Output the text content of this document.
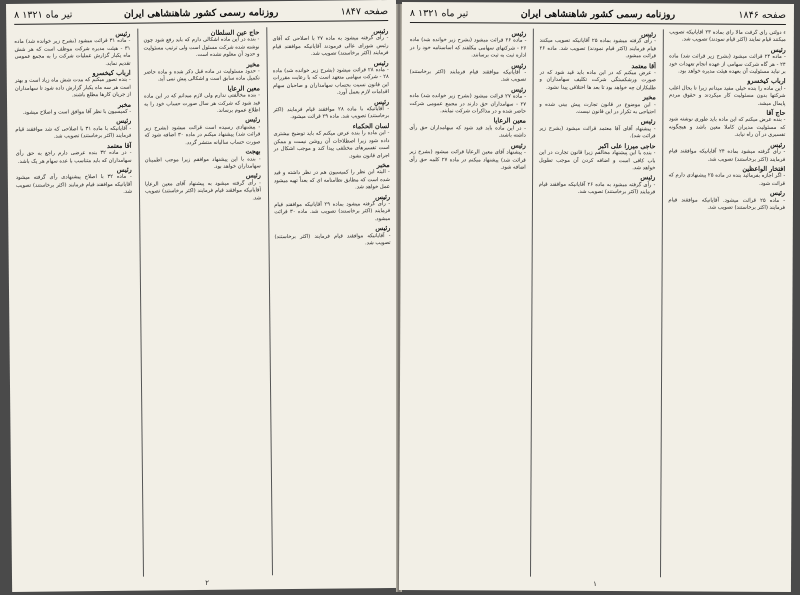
صفحه ۱۸۴۷
روزنامه رسمی کشور شاهنشاهی ایران
۸ تیر ماه ۱۳۲۱
رئیس
- رأی گرفته میشود به ماده ۲۷ با اصلاحی که آقای رئیس شورای عالی فرمودند آقایانیکه موافقند قیام فرمایند (اکثر برخاستند) تصویب شد.
رئیس
- ماده ۲۸ قرائت میشود (بشرح زیر خوانده شد) ماده ۲۸ - شرکت سهامی متعهد است که با رعایت مقررات این قانون نسبت بحساب سهامداران و صاحبان سهام اقدامات لازم بعمل آورد.
رئیس
- آقایانیکه با ماده ۲۸ موافقند قیام فرمایند (اکثر برخاستند) تصویب شد. ماده ۲۹ قرائت میشود.
لسان الحکماء
- این ماده را بنده عرض میکنم که باید توضیح بیشتری داده شود زیرا اصطلاحات آن روشن نیست و ممکن است تفسیرهای مختلفی پیدا کند و موجب اشکال در اجرای قانون بشود.
مخبر
- البته این نظر را کمیسیون هم در نظر داشته و قید شده است که مطابق نظامنامه ای که بعداً تهیه میشود عمل خواهد شد.
رئیس
- رأی گرفته میشود بماده ۲۹ آقایانیکه موافقند قیام فرمایند (اکثر برخاستند) تصویب شد. ماده ۳۰ قرائت میشود.
رئیس
- آقایانیکه موافقند قیام فرمایند (اکثر برخاستند) تصویب شد.
حاج عین السلطان
- بنده در این ماده اشکالی دارم که باید رفع شود چون نوشته شده شرکت مسئول است ولی ترتیب مسئولیت و حدود آن معلوم نشده است.
مخبر
- حدود مسئولیت در ماده قبل ذکر شده و ماده حاضر تکمیل ماده سابق است و اشکالی پیش نمی آید.
معین الرعایا
- بنده مخالفتی ندارم ولی لازم میدانم که در این ماده قید شود که شرکت هر سال صورت حساب خود را به اطلاع عموم برساند.
رئیس
- پیشنهادی رسیده است قرائت میشود (بشرح زیر قرائت شد) پیشنهاد میکنم در ماده ۳۰ اضافه شود که صورت حساب سالیانه منتشر گردد.
بهجت
- بنده با این پیشنهاد موافقم زیرا موجب اطمینان سهامداران خواهد بود.
رئیس
- رأی گرفته میشود به پیشنهاد آقای معین الرعایا آقایانیکه موافقند قیام فرمایند (اکثر برخاستند) تصویب شد.
رئیس
- ماده ۳۱ قرائت میشود (بشرح زیر خوانده شد) ماده ۳۱ - هیئت مدیره شرکت موظف است که هر شش ماه یکبار گزارش عملیات شرکت را به مجمع عمومی تقدیم نماید.
ارباب کیخسرو
- بنده تصور میکنم که مدت شش ماه زیاد است و بهتر است هر سه ماه یکبار گزارش داده شود تا سهامداران از جریان کارها مطلع باشند.
مخبر
- کمیسیون با نظر آقا موافق است و اصلاح میشود.
رئیس
- آقایانیکه با ماده ۳۱ با اصلاحی که شد موافقند قیام فرمایند (اکثر برخاستند) تصویب شد.
آقا معتمد
- در ماده ۳۲ بنده عرضی دارم راجع به حق رأی سهامداران که باید متناسب با عده سهام هر یک باشد.
رئیس
- ماده ۳۲ با اصلاح پیشنهادی رأی گرفته میشود آقایانیکه موافقند قیام فرمایند (اکثر برخاستند) تصویب شد.
۲
صفحه ۱۸۴۶
روزنامه رسمی کشور شاهنشاهی ایران
۸ تیر ماه ۱۳۲۱
ء دولتی رأی گرفت مالا رأی بماده ۲۳ آقایانیکه تصویب میکنند قیام نمایند (اکثر قیام نمودند) تصویب شد.
رئیس
- ماده ۲۴ قرائت میشود (بشرح زیر قرائت شد) ماده ۲۴ - هر گاه شرکت سهامی از عهده انجام تعهدات خود بر نیاید مسئولیت آن بعهده هیئت مدیره خواهد بود.
ارباب کیخسرو
- این ماده را بنده خیلی مفید میدانم زیرا تا بحال اغلب شرکتها بدون مسئولیت کار میکردند و حقوق مردم پایمال میشد.
حاج آقا
- بنده عرض میکنم که این ماده باید طوری نوشته شود که مسئولیت مدیران کاملا معین باشد و هیچگونه تفسیری در آن راه نیابد.
رئیس
- رأی گرفته میشود بماده ۲۴ آقایانیکه موافقند قیام فرمایند (اکثر برخاستند) تصویب شد.
افتخار الواعظین
- اگر اجازه بفرمائید بنده در ماده ۲۵ پیشنهادی دارم که قرائت شود.
رئیس
- ماده ۲۵ قرائت میشود. آقایانیکه موافقند قیام فرمایند (اکثر برخاستند) تصویب شد.
رئیس
- رأی گرفته میشود بماده ۲۵ آقایانیکه تصویب میکنند قیام فرمایند (اکثر قیام نمودند) تصویب شد. ماده ۲۶ قرائت میشود.
آقا معتمد
- عرض میکنم که در این ماده باید قید شود که در صورت ورشکستگی شرکت تکلیف سهامداران و طلبکاران چه خواهد بود تا بعد ها اختلافی پیدا نشود.
مخبر
- این موضوع در قانون تجارت پیش بینی شده و احتیاجی به تکرار در این قانون نیست.
رئیس
- پیشنهاد آقای آقا معتمد قرائت میشود (بشرح زیر قرائت شد).
حاجی میرزا علی اکبر
- بنده با این پیشنهاد مخالفم زیرا قانون تجارت در این باب کافی است و اضافه کردن آن موجب تطویل خواهد شد.
رئیس
- رأی گرفته میشود به ماده ۲۶ آقایانیکه موافقند قیام فرمایند (اکثر برخاستند) تصویب شد.
رئیس
- ماده ۲۶ قرائت میشود (بشرح زیر خوانده شد) ماده ۲۶ - شرکتهای سهامی مکلفند که اساسنامه خود را در اداره ثبت به ثبت برسانند.
رئیس
- آقایانیکه موافقند قیام فرمایند (اکثر برخاستند) تصویب شد.
رئیس
- ماده ۲۷ قرائت میشود (بشرح زیر خوانده شد) ماده ۲۷ - سهامداران حق دارند در مجمع عمومی شرکت حاضر شده و در مذاکرات شرکت نمایند.
معین الرعایا
- در این ماده باید قید شود که سهامداران حق رأی داشته باشند.
رئیس
- پیشنهاد آقای معین الرعایا قرائت میشود (بشرح زیر قرائت شد) پیشنهاد میکنم در ماده ۲۷ کلمه حق رأی اضافه شود.
۱
